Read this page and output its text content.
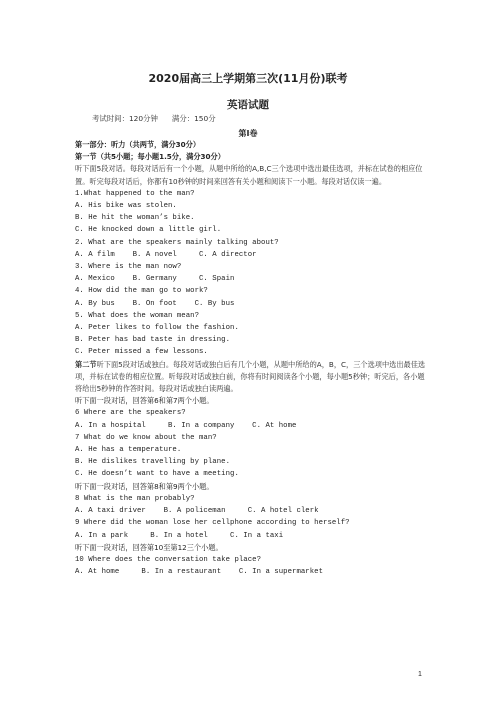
2020届高三上学期第三次(11月份)联考
英语试题
考试时间：120分钟      满分：150分
第Ⅰ卷
第一部分：听力（共两节，满分30分）
第一节（共5小题；每小题1.5分，满分30分）
听下面5段对话。每段对话后有一个小题，从题中所给的A,B,C三个选项中选出最佳选项，并标在试卷的相应位置。听完每段对话后，你都有10秒钟的时间来回答有关小题和阅读下一小题。每段对话仅读一遍。
1.What happened to the man?
A. His bike was stolen.
B. He hit the woman’s bike.
C. He knocked down a little girl.
2. What are the speakers mainly talking about?
A. A film    B. A novel     C. A director
3. Where is the man now?
A. Mexico    B. Germany     C. Spain
4. How did the man go to work?
A. By bus    B. On foot    C. By bus
5. What does the woman mean?
A. Peter likes to follow the fashion.
B. Peter has bad taste in dressing.
C. Peter missed a few lessons.
第二节听下面5段对话或独白。每段对话或独白后有几个小题，从题中所给的A，B，C，三个选项中选出最佳选项，并标在试卷的相应位置。听每段对话或独白前，你将有时间阅读各个小题，每小题5秒钟；听完后，各小题将给出5秒钟的作答时间。每段对话或独白读两遍。
听下面一段对话，回答第6和第7两个小题。
6 Where are the speakers?
A. In a hospital     B. In a company    C. At home
7 What do we know about the man?
A. He has a temperature.
B. He dislikes travelling by plane.
C. He doesn’t want to have a meeting.
听下面一段对话，回答第8和第9两个小题。
8 What is the man probably?
A. A taxi driver    B. A policeman     C. A hotel clerk
9 Where did the woman lose her cellphone according to herself?
A. In a park     B. In a hotel     C. In a taxi
听下面一段对话，回答第10至第12三个小题。
10 Where does the conversation take place?
A. At home     B. In a restaurant    C. In a supermarket
1
